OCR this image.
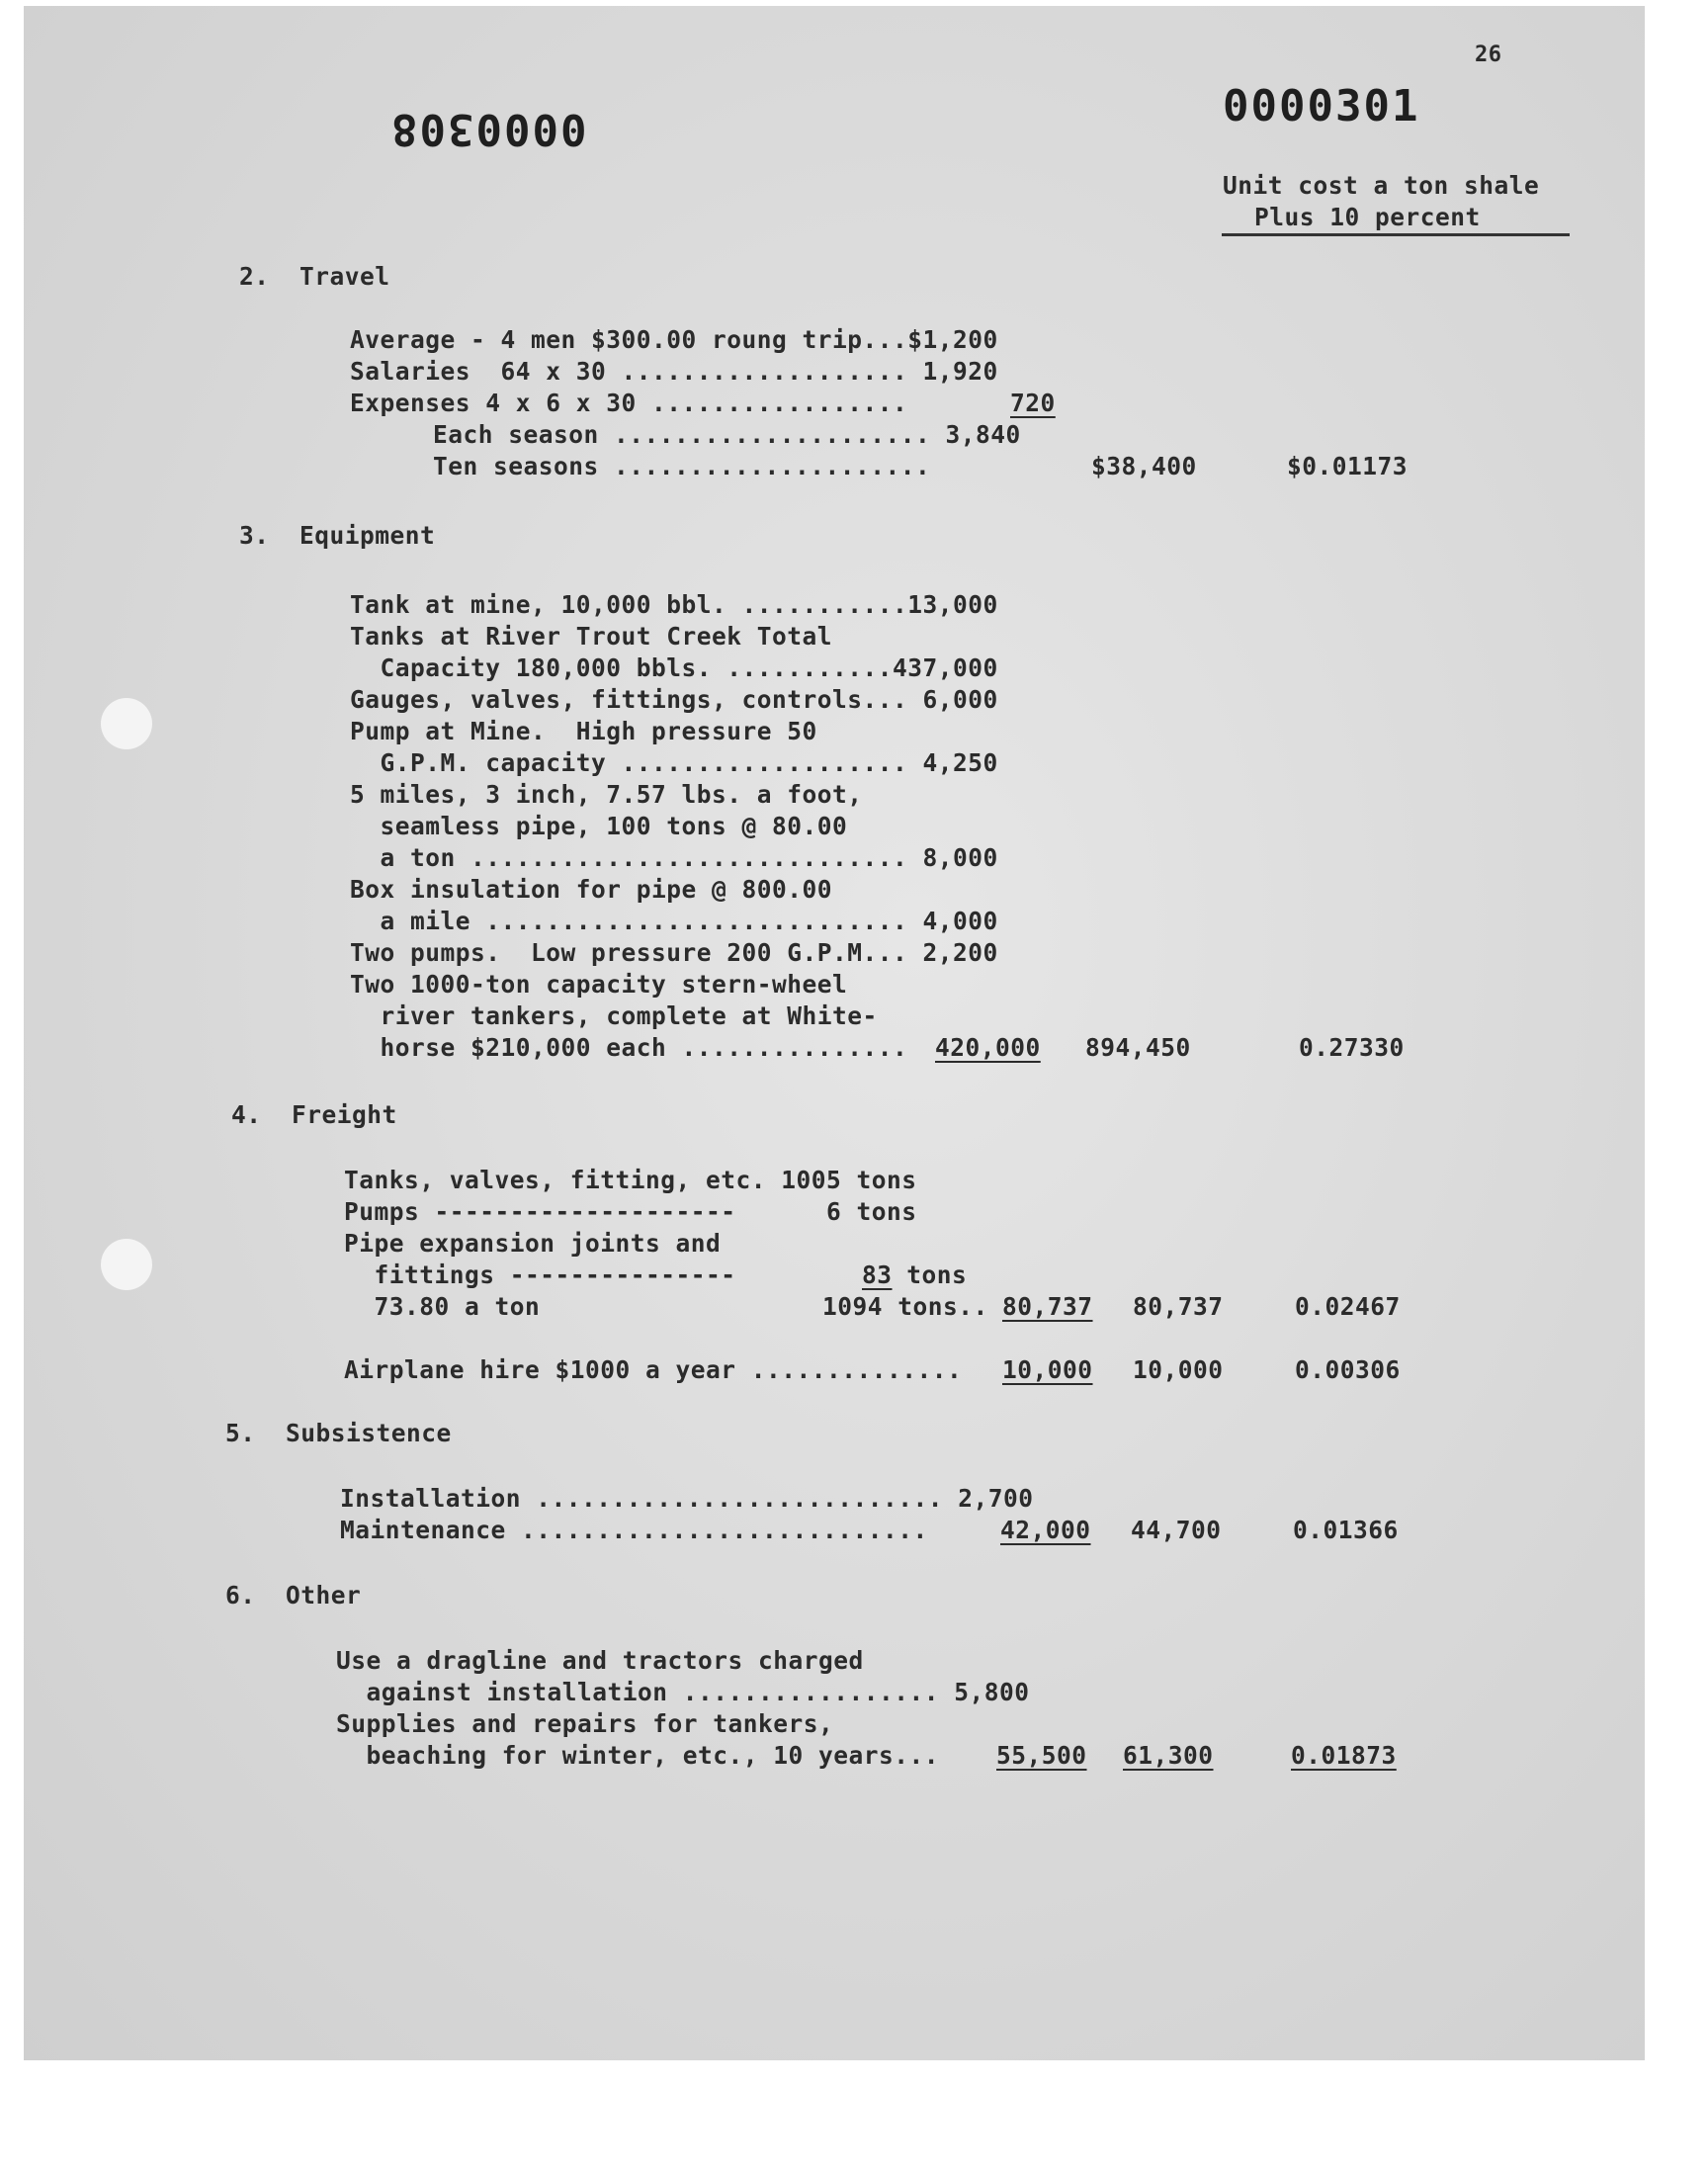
26
0000308	0000301
Unit cost a ton shale
Plus 10 percent
2.  Travel
Average - 4 men $300.00 roung trip...$1,200
Salaries  64 x 30 ................... 1,920
Expenses 4 x 6 x 30 .................	720
Each season ..................... 3,840
Ten seasons .....................	$38,400	$0.01173
3.  Equipment
Tank at mine, 10,000 bbl. ...........13,000
Tanks at River Trout Creek Total
Capacity 180,000 bbls. ...........437,000
Gauges, valves, fittings, controls... 6,000
Pump at Mine.  High pressure 50
G.P.M. capacity ................... 4,250
5 miles, 3 inch, 7.57 lbs. a foot,
seamless pipe, 100 tons @ 80.00
a ton ............................. 8,000
Box insulation for pipe @ 800.00
a mile ............................ 4,000
Two pumps.  Low pressure 200 G.P.M... 2,200
Two 1000-ton capacity stern-wheel
river tankers, complete at White-
horse $210,000 each ............... 420,000 894,450	0.27330
4.  Freight
Tanks, valves, fitting, etc. 1005 tons
Pumps --------------------      6 tons
Pipe expansion joints and
fittings ---------------	83 tons
73.80 a ton	1094 tons.. 80,737 80,737	0.02467
Airplane hire $1000 a year .............. 10,000 10,000	0.00306
5.  Subsistence
Installation ........................... 2,700
Maintenance ...........................	42,000 44,700	0.01366
6.  Other
Use a dragline and tractors charged
against installation ................. 5,800
Supplies and repairs for tankers,
beaching for winter, etc., 10 years... 55,500 61,300	0.01873
